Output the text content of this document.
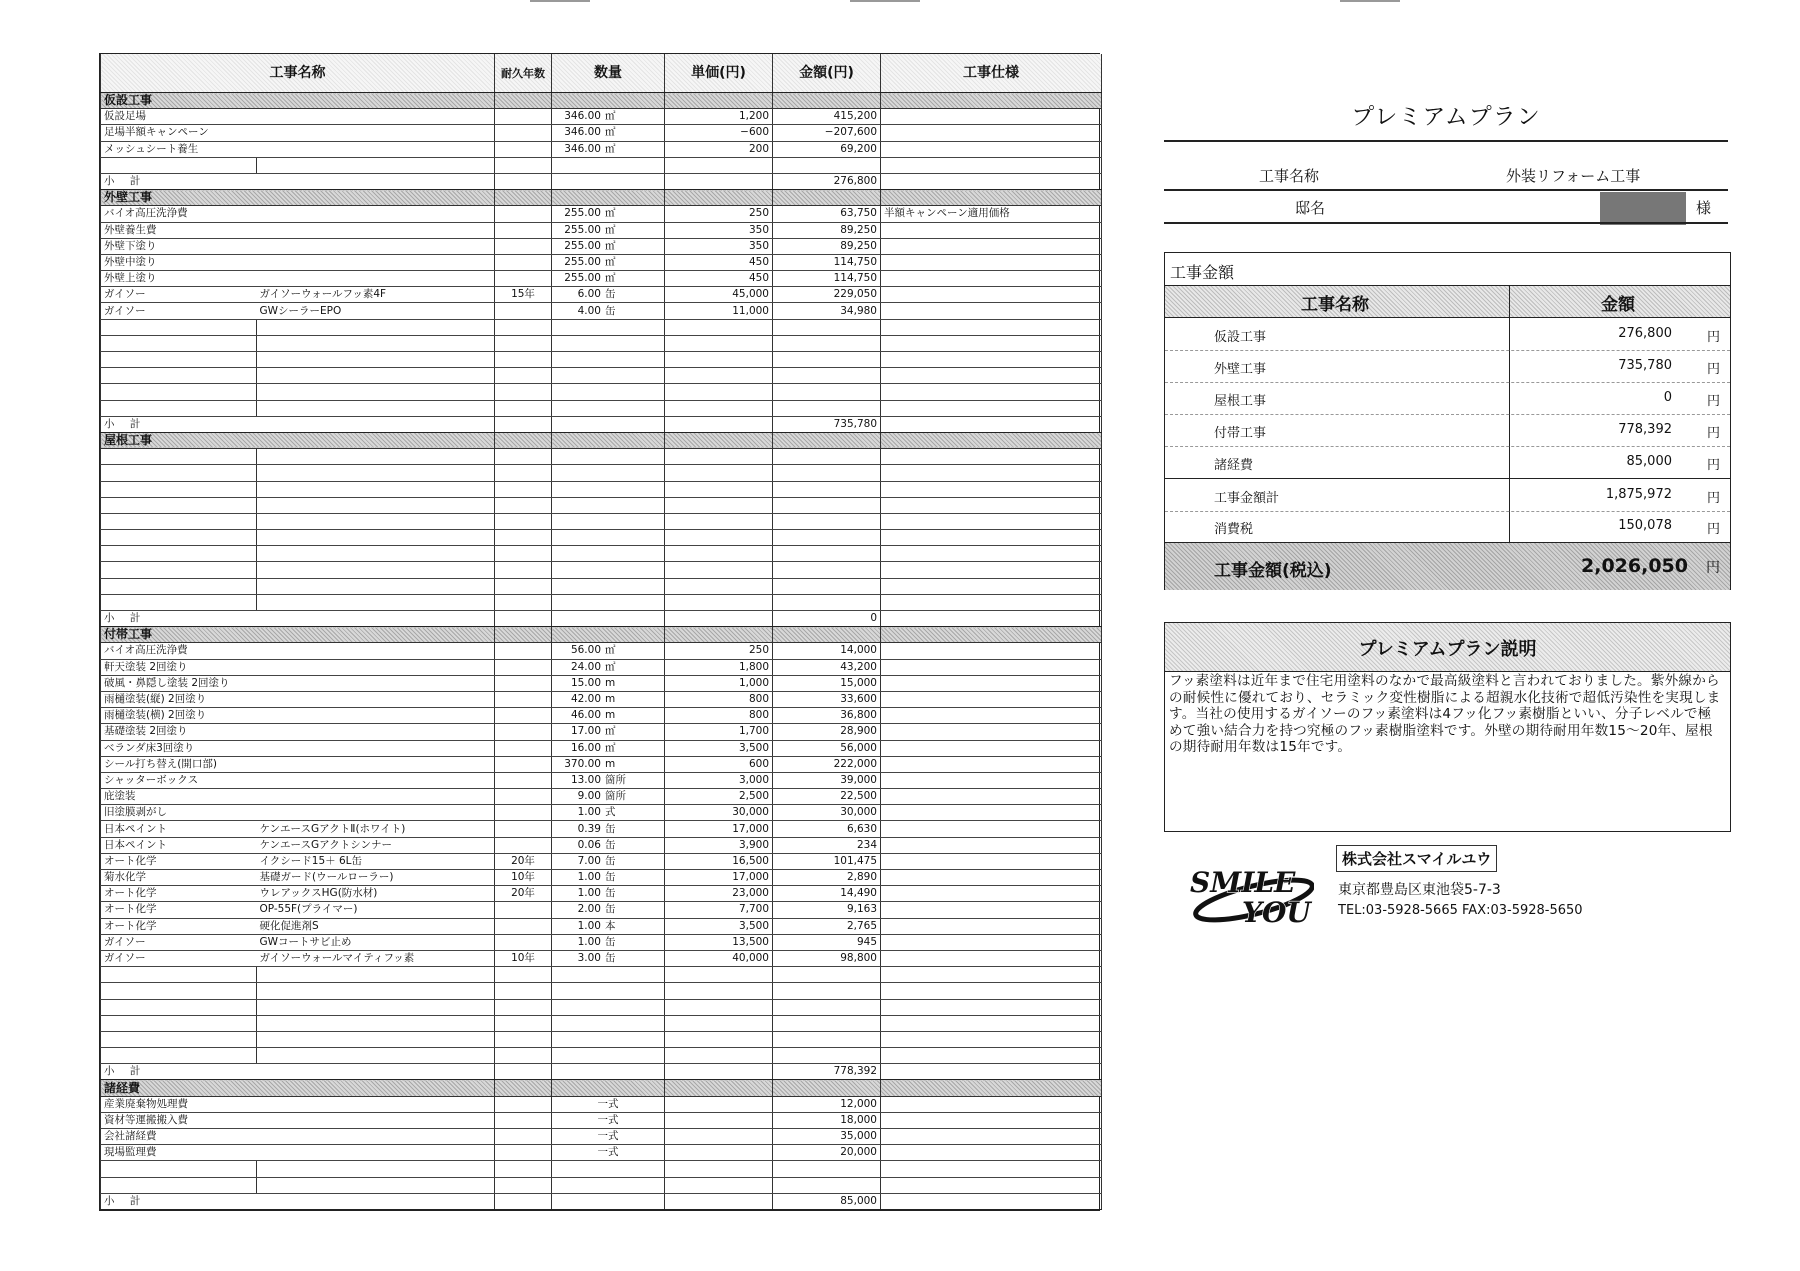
工事名称		耐久年数	数量	単価(円)	金額(円)	工事仕様
仮設工事						
仮設足場			346.00 ㎡	1,200	415,200	
足場半額キャンペーン			346.00 ㎡	−600	−207,600	
メッシュシート養生			346.00 ㎡	200	69,200	

小 計					276,800	
外壁工事						
バイオ高圧洗浄費			255.00 ㎡	250	63,750	半額キャンペーン適用価格
外壁養生費			255.00 ㎡	350	89,250	
外壁下塗り			255.00 ㎡	350	89,250	
外壁中塗り			255.00 ㎡	450	114,750	
外壁上塗り			255.00 ㎡	450	114,750	
ガイソー	ガイソーウォールフッ素4F	15年	6.00 缶	45,000	229,050	
ガイソー	GWシーラーEPO		4.00 缶	11,000	34,980	

小 計					735,780	
屋根工事						

小 計					0	
付帯工事						
バイオ高圧洗浄費			56.00 ㎡	250	14,000	
軒天塗装 2回塗り			24.00 ㎡	1,800	43,200	
破風・鼻隠し塗装 2回塗り			15.00 m	1,000	15,000	
雨樋塗装(縦) 2回塗り			42.00 m	800	33,600	
雨樋塗装(横) 2回塗り			46.00 m	800	36,800	
基礎塗装 2回塗り			17.00 ㎡	1,700	28,900	
ベランダ床3回塗り			16.00 ㎡	3,500	56,000	
シール打ち替え(開口部)			370.00 m	600	222,000	
シャッターボックス			13.00 箇所	3,000	39,000	
庇塗装			9.00 箇所	2,500	22,500	
旧塗膜剥がし			1.00 式	30,000	30,000	
日本ペイント	ケンエースGアクトⅡ(ホワイト)		0.39 缶	17,000	6,630	
日本ペイント	ケンエースGアクトシンナー		0.06 缶	3,900	234	
オート化学	イクシード15＋ 6L缶	20年	7.00 缶	16,500	101,475	
菊水化学	基礎ガード(ウールローラー)	10年	1.00 缶	17,000	2,890	
オート化学	ウレアックスHG(防水材)	20年	1.00 缶	23,000	14,490	
オート化学	OP-55F(プライマー)		2.00 缶	7,700	9,163	
オート化学	硬化促進剤S		1.00 本	3,500	2,765	
ガイソー	GWコートサビ止め		1.00 缶	13,500	945	
ガイソー	ガイソーウォールマイティフッ素	10年	3.00 缶	40,000	98,800	

小 計					778,392	
諸経費						
産業廃棄物処理費			一式		12,000	
資材等運搬搬入費			一式		18,000	
会社諸経費			一式		35,000	
現場監理費			一式		20,000	

小 計					85,000	
プレミアムプラン
工事名称	外装リフォーム工事
邸名	様
工事金額
工事名称	金額
仮設工事	276,800	円
外壁工事	735,780	円
屋根工事	0	円
付帯工事	778,392	円
諸経費	85,000	円
工事金額計	1,875,972	円
消費税	150,078	円
工事金額(税込)	2,026,050 円
プレミアムプラン説明
フッ素塗料は近年まで住宅用塗料のなかで最高級塗料と言われておりました。紫外線からの耐候性に優れており、セラミック変性樹脂による超親水化技術で超低汚染性を実現します。当社の使用するガイソーのフッ素塗料は4フッ化フッ素樹脂といい、分子レベルで極めて強い結合力を持つ究極のフッ素樹脂塗料です。外壁の期待耐用年数15〜20年、屋根の期待耐用年数は15年です。
SMILE
YOU
株式会社スマイルユウ
東京都豊島区東池袋5-7-3
TEL:03-5928-5665 FAX:03-5928-5650
